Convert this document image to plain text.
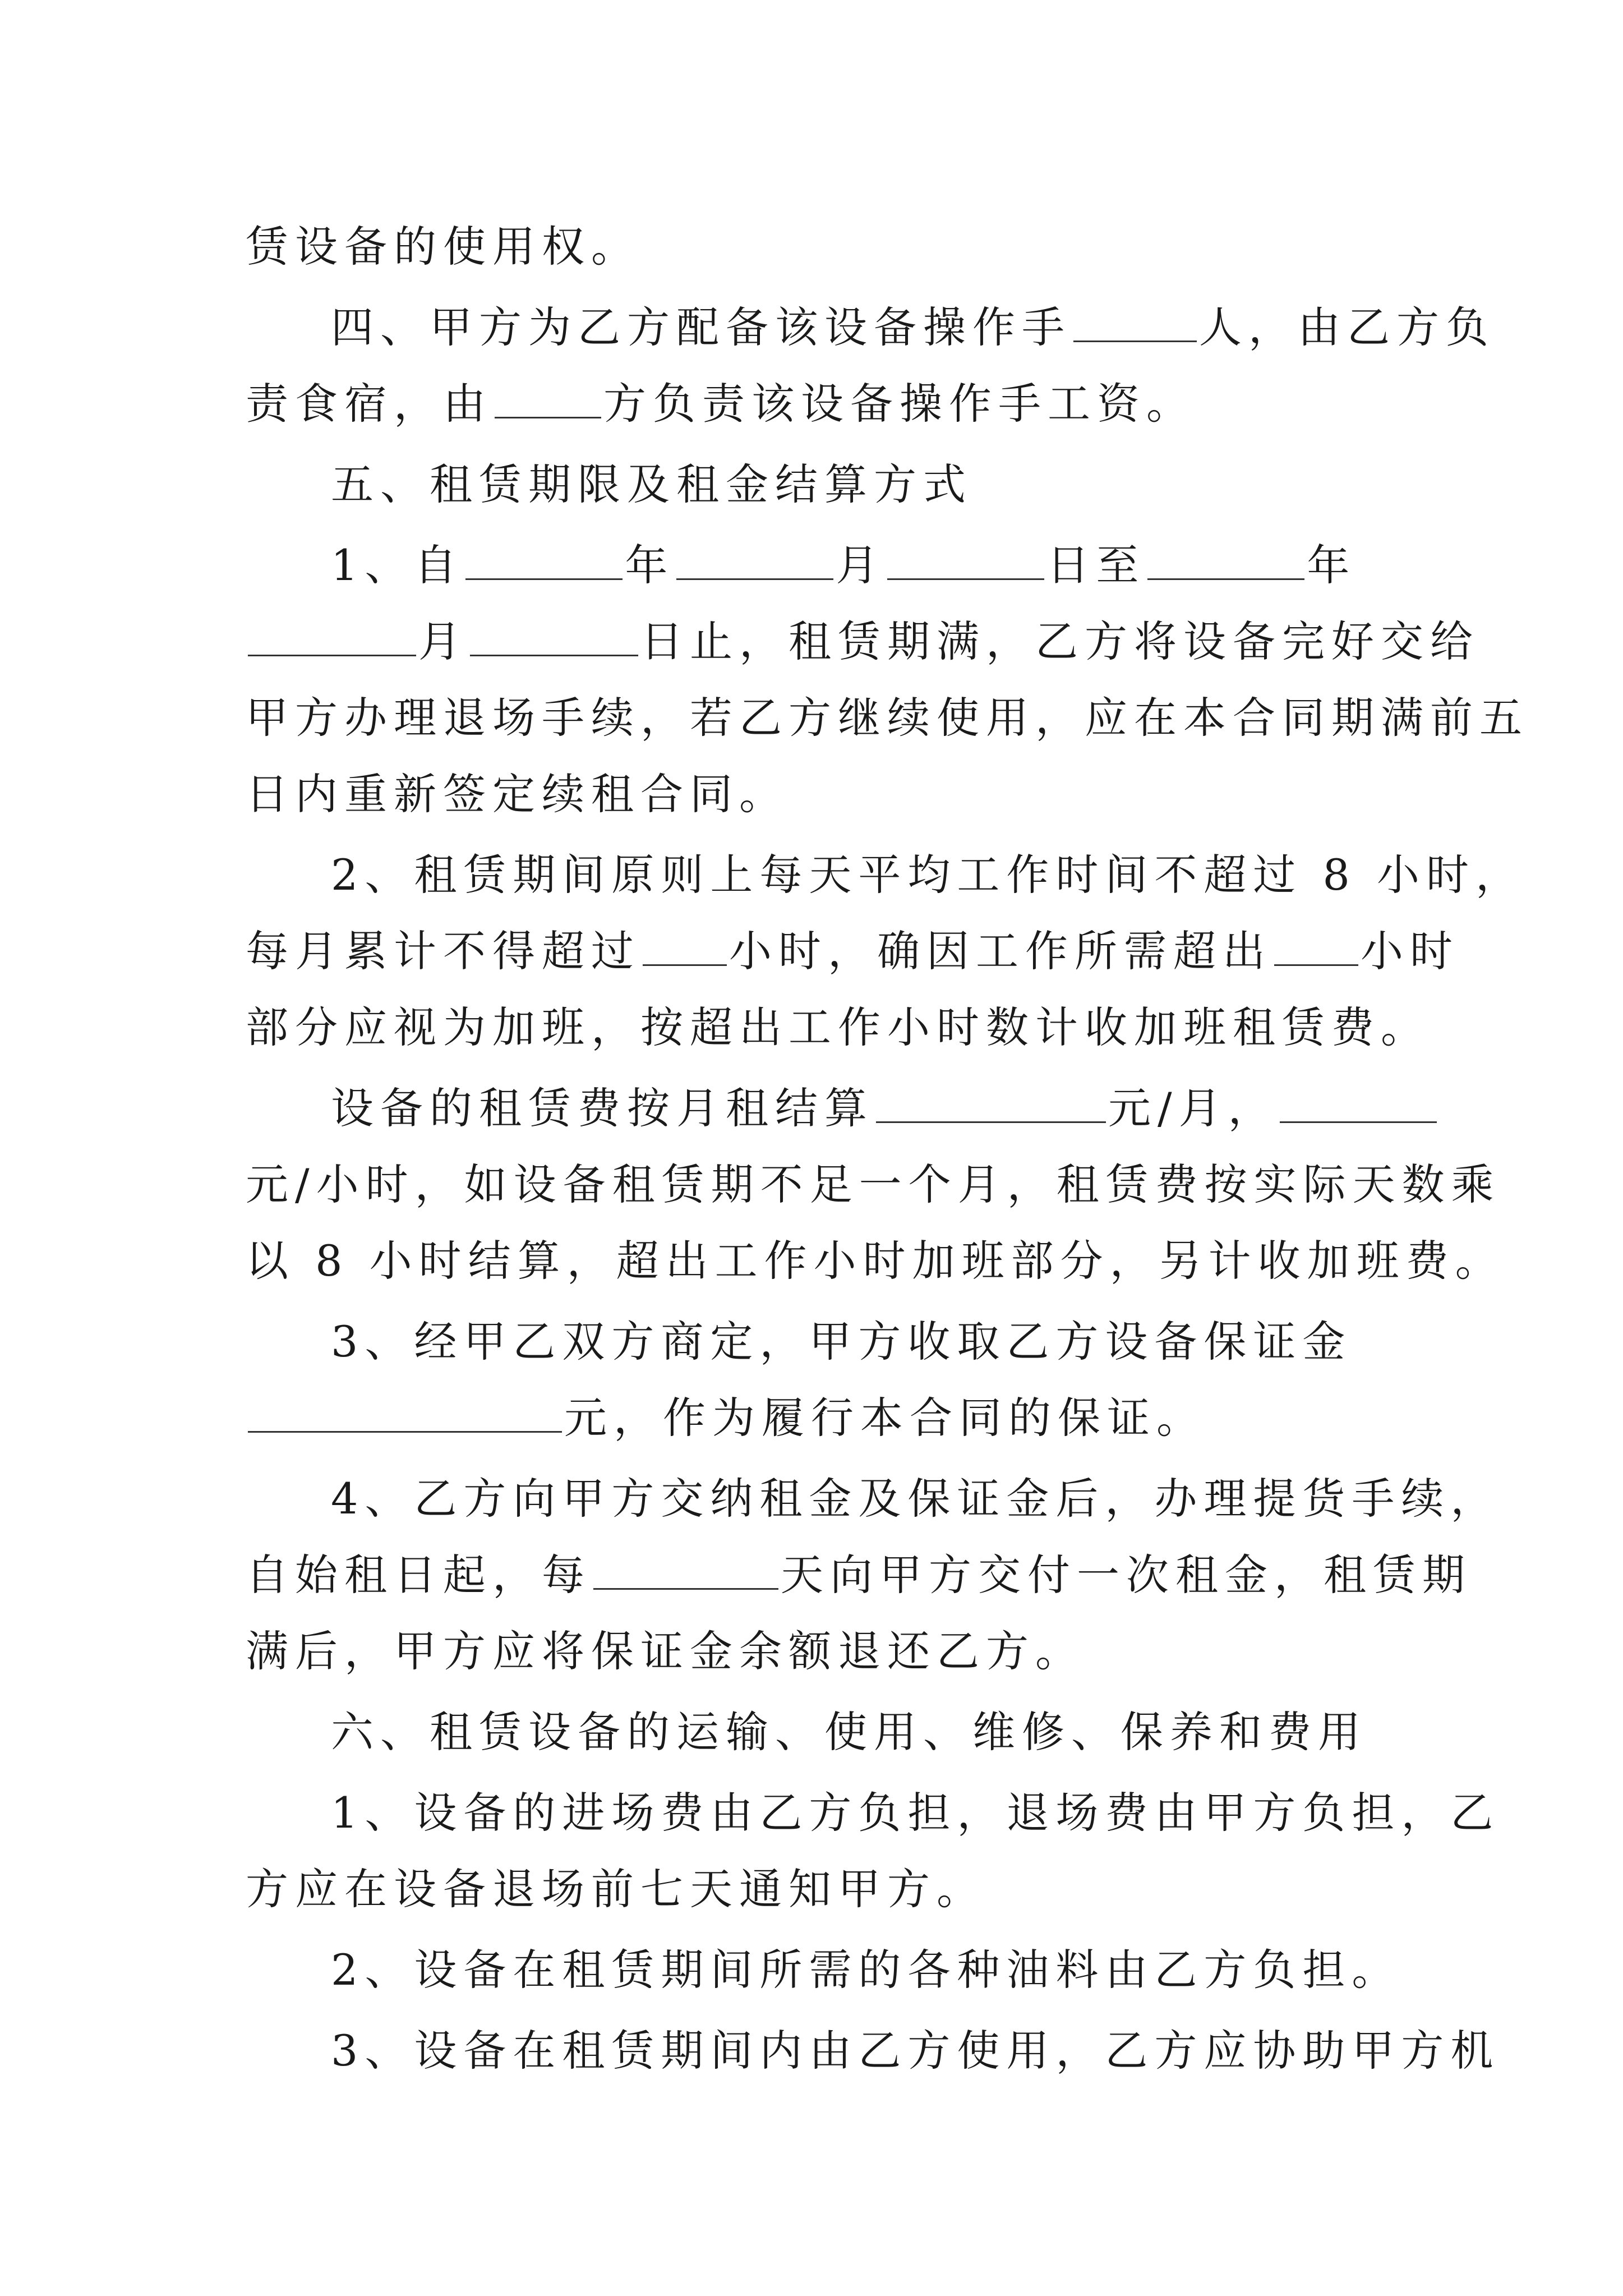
赁设备的使用权。
四、甲方为乙方配备该设备操作手	人，由乙方负
责食宿，由	方负责该设备操作手工资。
五、租赁期限及租金结算方式
1、自	年	月	日至	年
月	日止，租赁期满，乙方将设备完好交给
甲方办理退场手续，若乙方继续使用，应在本合同期满前五
日内重新签定续租合同。
2、租赁期间原则上每天平均工作时间不超过 8 小时，
每月累计不得超过 小时，确因工作所需超出 小时
部分应视为加班，按超出工作小时数计收加班租赁费。
设备的租赁费按月租结算	元/月，
元/小时，如设备租赁期不足一个月，租赁费按实际天数乘
以 8 小时结算，超出工作小时加班部分，另计收加班费。
3、经甲乙双方商定，甲方收取乙方设备保证金
元，作为履行本合同的保证。
4、乙方向甲方交纳租金及保证金后，办理提货手续，
自始租日起，每	天向甲方交付一次租金，租赁期
满后，甲方应将保证金余额退还乙方。
六、租赁设备的运输、使用、维修、保养和费用
1、设备的进场费由乙方负担，退场费由甲方负担，乙
方应在设备退场前七天通知甲方。
2、设备在租赁期间所需的各种油料由乙方负担。
3、设备在租赁期间内由乙方使用，乙方应协助甲方机
